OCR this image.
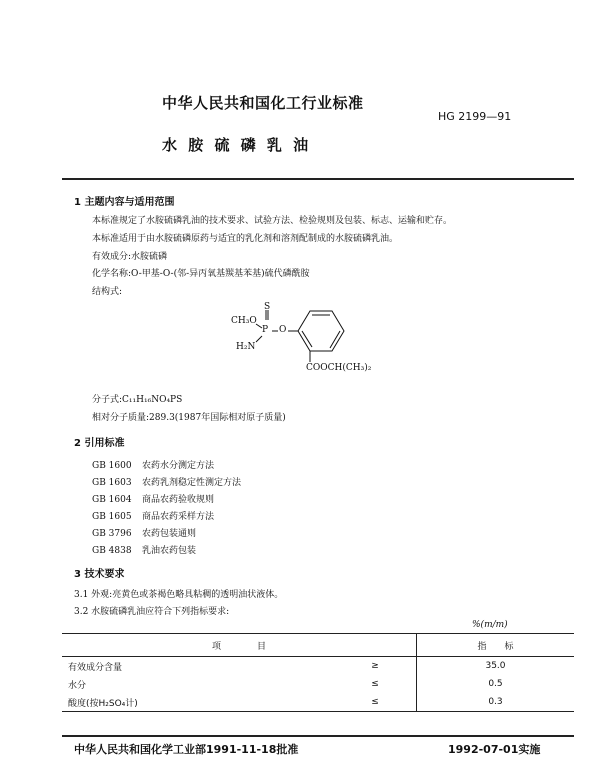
中华人民共和国化工行业标准
HG 2199—91
水 胺 硫 磷 乳 油
1 主题内容与适用范围
本标准规定了水胺硫磷乳油的技术要求、试验方法、检验规则及包装、标志、运输和贮存。
本标准适用于由水胺硫磷原药与适宜的乳化剂和溶剂配制成的水胺硫磷乳油。
有效成分:水胺硫磷
化学名称:O-甲基-O-(邻-异丙氧基羰基苯基)硫代磷酰胺
结构式:
S
CH₃O
P O
H₂N
COOCH(CH₃)₂
分子式:C₁₁H₁₆NO₄PS
相对分子质量:289.3(1987年国际相对原子质量)
2 引用标准
GB 1600 农药水分测定方法
GB 1603 农药乳剂稳定性测定方法
GB 1604 商品农药验收规则
GB 1605 商品农药采样方法
GB 3796 农药包装通则
GB 4838 乳油农药包装
3 技术要求
3.1 外观:亮黄色或茶褐色略具粘稠的透明油状液体。
3.2 水胺硫磷乳油应符合下列指标要求:
%(m/m)
项　　　　目		指　　标
有效成分含量	≥	35.0
水分	≤	0.5
酸度(按H₂SO₄计)	≤	0.3
中华人民共和国化学工业部1991-11-18批准	1992-07-01实施
